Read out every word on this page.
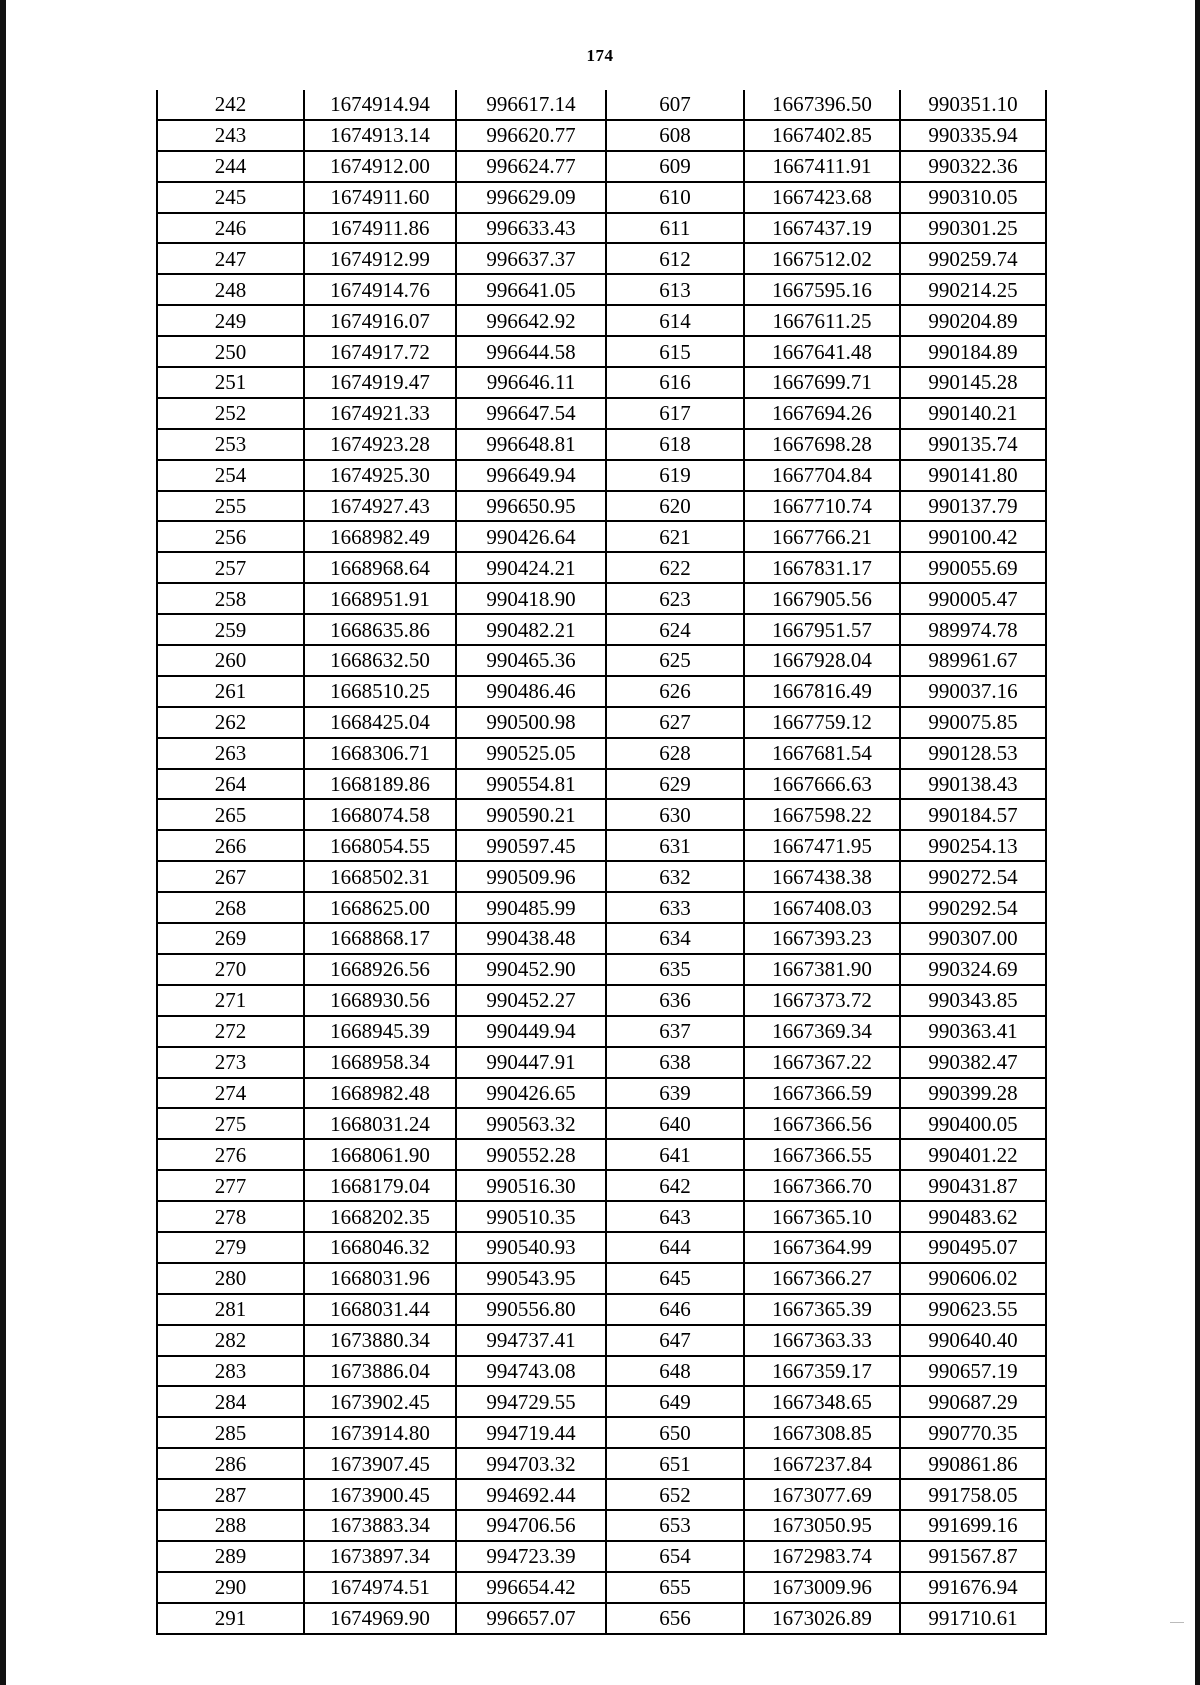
174
242	1674914.94	996617.14	607	1667396.50	990351.10
243	1674913.14	996620.77	608	1667402.85	990335.94
244	1674912.00	996624.77	609	1667411.91	990322.36
245	1674911.60	996629.09	610	1667423.68	990310.05
246	1674911.86	996633.43	611	1667437.19	990301.25
247	1674912.99	996637.37	612	1667512.02	990259.74
248	1674914.76	996641.05	613	1667595.16	990214.25
249	1674916.07	996642.92	614	1667611.25	990204.89
250	1674917.72	996644.58	615	1667641.48	990184.89
251	1674919.47	996646.11	616	1667699.71	990145.28
252	1674921.33	996647.54	617	1667694.26	990140.21
253	1674923.28	996648.81	618	1667698.28	990135.74
254	1674925.30	996649.94	619	1667704.84	990141.80
255	1674927.43	996650.95	620	1667710.74	990137.79
256	1668982.49	990426.64	621	1667766.21	990100.42
257	1668968.64	990424.21	622	1667831.17	990055.69
258	1668951.91	990418.90	623	1667905.56	990005.47
259	1668635.86	990482.21	624	1667951.57	989974.78
260	1668632.50	990465.36	625	1667928.04	989961.67
261	1668510.25	990486.46	626	1667816.49	990037.16
262	1668425.04	990500.98	627	1667759.12	990075.85
263	1668306.71	990525.05	628	1667681.54	990128.53
264	1668189.86	990554.81	629	1667666.63	990138.43
265	1668074.58	990590.21	630	1667598.22	990184.57
266	1668054.55	990597.45	631	1667471.95	990254.13
267	1668502.31	990509.96	632	1667438.38	990272.54
268	1668625.00	990485.99	633	1667408.03	990292.54
269	1668868.17	990438.48	634	1667393.23	990307.00
270	1668926.56	990452.90	635	1667381.90	990324.69
271	1668930.56	990452.27	636	1667373.72	990343.85
272	1668945.39	990449.94	637	1667369.34	990363.41
273	1668958.34	990447.91	638	1667367.22	990382.47
274	1668982.48	990426.65	639	1667366.59	990399.28
275	1668031.24	990563.32	640	1667366.56	990400.05
276	1668061.90	990552.28	641	1667366.55	990401.22
277	1668179.04	990516.30	642	1667366.70	990431.87
278	1668202.35	990510.35	643	1667365.10	990483.62
279	1668046.32	990540.93	644	1667364.99	990495.07
280	1668031.96	990543.95	645	1667366.27	990606.02
281	1668031.44	990556.80	646	1667365.39	990623.55
282	1673880.34	994737.41	647	1667363.33	990640.40
283	1673886.04	994743.08	648	1667359.17	990657.19
284	1673902.45	994729.55	649	1667348.65	990687.29
285	1673914.80	994719.44	650	1667308.85	990770.35
286	1673907.45	994703.32	651	1667237.84	990861.86
287	1673900.45	994692.44	652	1673077.69	991758.05
288	1673883.34	994706.56	653	1673050.95	991699.16
289	1673897.34	994723.39	654	1672983.74	991567.87
290	1674974.51	996654.42	655	1673009.96	991676.94
291	1674969.90	996657.07	656	1673026.89	991710.61
